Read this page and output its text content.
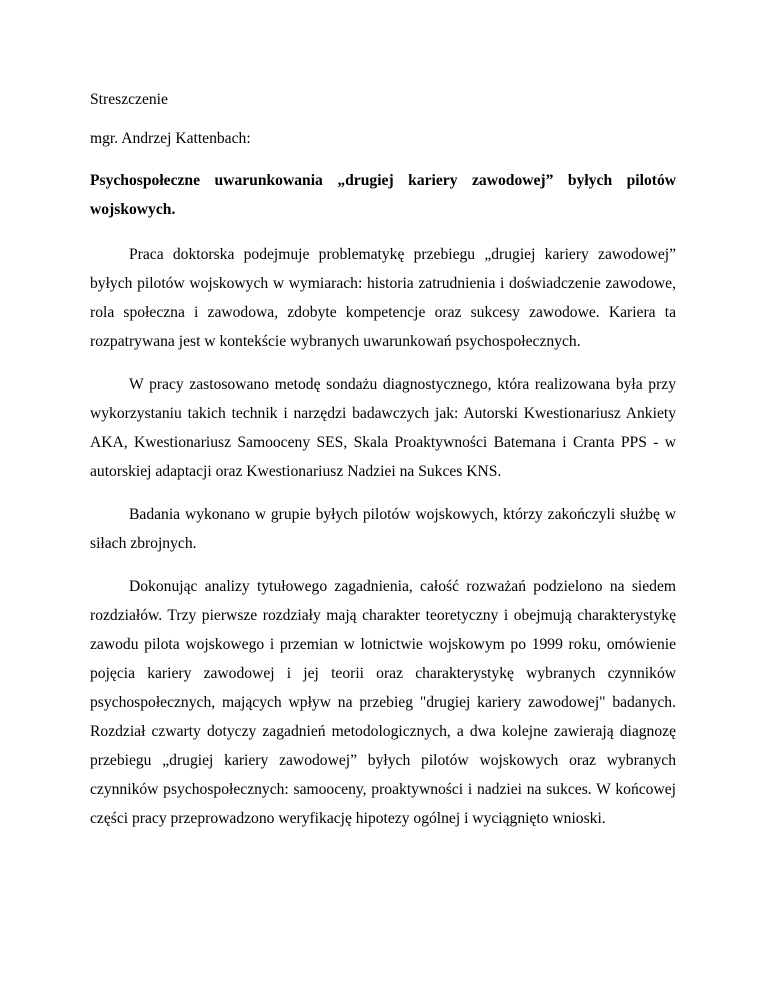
Streszczenie

mgr. Andrzej Kattenbach:

Psychospołeczne uwarunkowania „drugiej kariery zawodowej” byłych pilotów wojskowych.

Praca doktorska podejmuje problematykę przebiegu „drugiej kariery zawodowej” byłych pilotów wojskowych w wymiarach: historia zatrudnienia i doświadczenie zawodowe, rola społeczna i zawodowa, zdobyte kompetencje oraz sukcesy zawodowe. Kariera ta rozpatrywana jest w kontekście wybranych uwarunkowań psychospołecznych.

W pracy zastosowano metodę sondażu diagnostycznego, która realizowana była przy wykorzystaniu takich technik i narzędzi badawczych jak: Autorski Kwestionariusz Ankiety AKA, Kwestionariusz Samooceny SES, Skala Proaktywności Batemana i Cranta PPS - w autorskiej adaptacji oraz Kwestionariusz Nadziei na Sukces KNS.

Badania wykonano w grupie byłych pilotów wojskowych, którzy zakończyli służbę w siłach zbrojnych.

Dokonując analizy tytułowego zagadnienia, całość rozważań podzielono na siedem rozdziałów. Trzy pierwsze rozdziały mają charakter teoretyczny i obejmują charakterystykę zawodu pilota wojskowego i przemian w lotnictwie wojskowym po 1999 roku, omówienie pojęcia kariery zawodowej i jej teorii oraz charakterystykę wybranych czynników psychospołecznych, mających wpływ na przebieg "drugiej kariery zawodowej" badanych. Rozdział czwarty dotyczy zagadnień metodologicznych, a dwa kolejne zawierają diagnozę przebiegu „drugiej kariery zawodowej” byłych pilotów wojskowych oraz wybranych czynników psychospołecznych: samooceny, proaktywności i nadziei na sukces. W końcowej części pracy przeprowadzono weryfikację hipotezy ogólnej i wyciągnięto wnioski.
